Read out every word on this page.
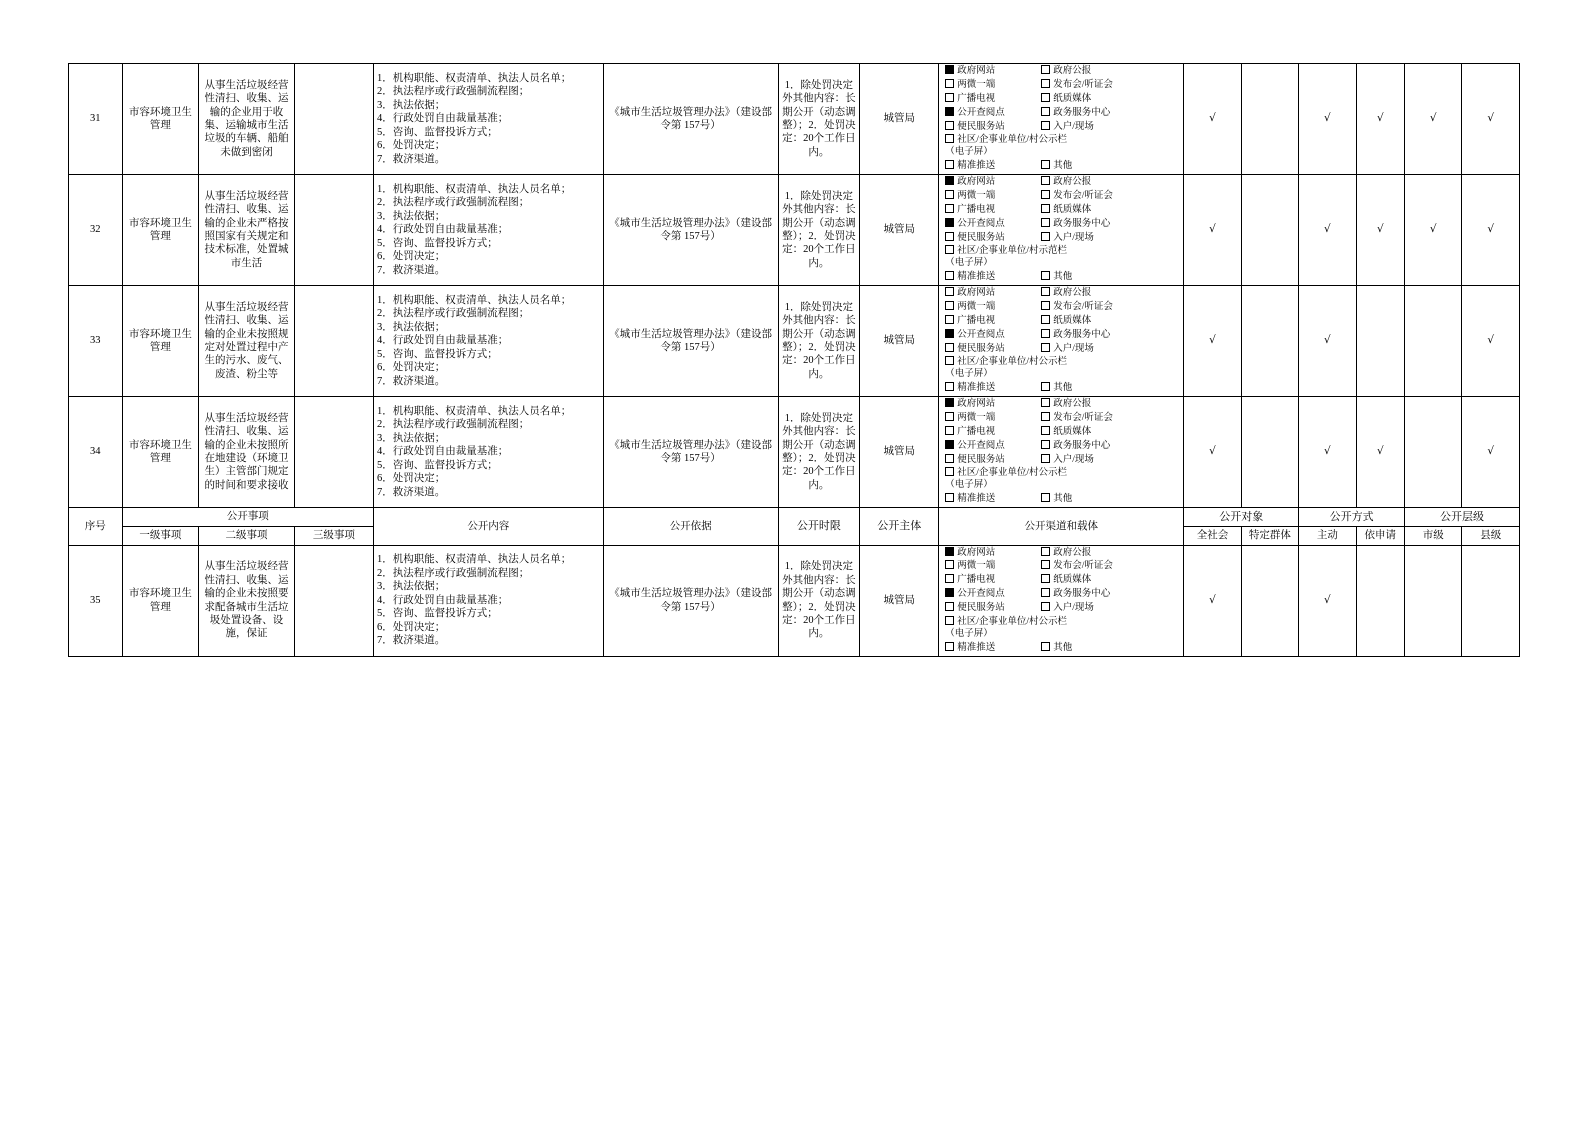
31	市容环境卫生管理	从事生活垃圾经营性清扫、收集、运输的企业用于收集、运输城市生活垃圾的车辆、船舶未做到密闭		1．机构职能、权责清单、执法人员名单；
2．执法程序或行政强制流程图；
3．执法依据；
4．行政处罚自由裁量基准；
5．咨询、监督投诉方式；
6．处罚决定；
7．救济渠道。	《城市生活垃圾管理办法》（建设部令第 157号）	1．除处罚决定外其他内容：长期公开（动态调整）；2．处罚决定：20个工作日内。	城管局	
政府网站	政府公报
两微一端	发布会/听证会
广播电视	纸质媒体
公开查阅点	政务服务中心
便民服务站	入户/现场
社区/企事业单位/村公示栏
（电子屏）
精准推送	其他
	√		√	√	√	√
32	市容环境卫生管理	从事生活垃圾经营性清扫、收集、运输的企业未严格按照国家有关规定和技术标准，处置城市生活		1．机构职能、权责清单、执法人员名单；
2．执法程序或行政强制流程图；
3．执法依据；
4．行政处罚自由裁量基准；
5．咨询、监督投诉方式；
6．处罚决定；
7．救济渠道。	《城市生活垃圾管理办法》（建设部令第 157号）	1．除处罚决定外其他内容：长期公开（动态调整）；2．处罚决定：20个工作日内。	城管局	
政府网站	政府公报
两微一端	发布会/听证会
广播电视	纸质媒体
公开查阅点	政务服务中心
便民服务站	入户/现场
社区/企事业单位/村示范栏
（电子屏）
精准推送	其他
	√		√	√	√	√
33	市容环境卫生管理	从事生活垃圾经营性清扫、收集、运输的企业未按照规定对处置过程中产生的污水、废气、废渣、粉尘等		1．机构职能、权责清单、执法人员名单；
2．执法程序或行政强制流程图；
3．执法依据；
4．行政处罚自由裁量基准；
5．咨询、监督投诉方式；
6．处罚决定；
7．救济渠道。	《城市生活垃圾管理办法》（建设部令第 157号）	1．除处罚决定外其他内容：长期公开（动态调整）；2．处罚决定：20个工作日内。	城管局	
政府网站	政府公报
两微一端	发布会/听证会
广播电视	纸质媒体
公开查阅点	政务服务中心
便民服务站	入户/现场
社区/企事业单位/村公示栏
（电子屏）
精准推送	其他
	√		√			√
34	市容环境卫生管理	从事生活垃圾经营性清扫、收集、运输的企业未按照所在地建设（环境卫生）主管部门规定的时间和要求接收		1．机构职能、权责清单、执法人员名单；
2．执法程序或行政强制流程图；
3．执法依据；
4．行政处罚自由裁量基准；
5．咨询、监督投诉方式；
6．处罚决定；
7．救济渠道。	《城市生活垃圾管理办法》（建设部令第 157号）	1．除处罚决定外其他内容：长期公开（动态调整）；2．处罚决定：20个工作日内。	城管局	
政府网站	政府公报
两微一端	发布会/听证会
广播电视	纸质媒体
公开查阅点	政务服务中心
便民服务站	入户/现场
社区/企事业单位/村公示栏
（电子屏）
精准推送	其他
	√		√	√		√
序号	公开事项			公开内容	公开依据	公开时限	公开主体	公开渠道和载体	公开对象		公开方式		公开层级	
	一级事项	二级事项	三级事项						全社会	特定群体	主动	依申请	市级	县级
35	市容环境卫生管理	从事生活垃圾经营性清扫、收集、运输的企业未按照要求配备城市生活垃圾处置设备、设 施，保证		1．机构职能、权责清单、执法人员名单；
2．执法程序或行政强制流程图；
3．执法依据；
4．行政处罚自由裁量基准；
5．咨询、监督投诉方式；
6．处罚决定；
7．救济渠道。	《城市生活垃圾管理办法》（建设部令第 157号）	1．除处罚决定外其他内容：长期公开（动态调整）；2．处罚决定：20个工作日内。	城管局	
政府网站	政府公报
两微一端	发布会/听证会
广播电视	纸质媒体
公开查阅点	政务服务中心
便民服务站	入户/现场
社区/企事业单位/村公示栏
（电子屏）
精准推送	其他
	√		√			
